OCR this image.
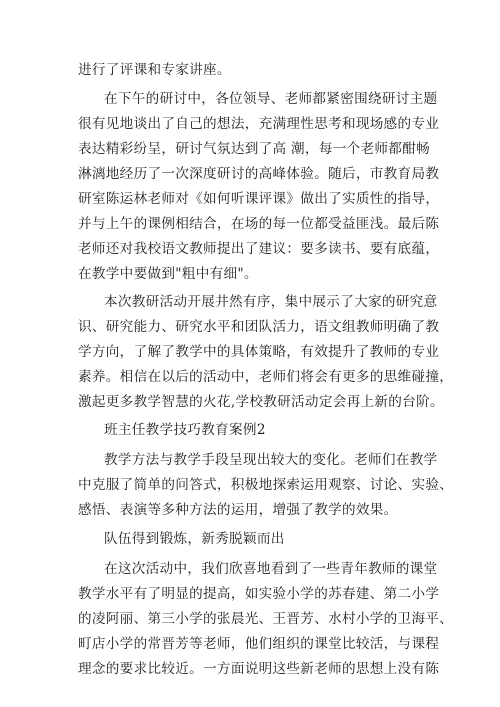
进行了评课和专家讲座。
在下午的研讨中，各位领导、老师都紧密围绕研讨主题
很有见地谈出了自己的想法，充满理性思考和现场感的专业
表达精彩纷呈，研讨气氛达到了高 潮，每一个老师都酣畅
淋漓地经历了一次深度研讨的高峰体验。随后，市教育局教
研室陈运林老师对《如何听课评课》做出了实质性的指导，
并与上午的课例相结合，在场的每一位都受益匪浅。最后陈
老师还对我校语文教师提出了建议：要多读书、要有底蕴，
在教学中要做到"粗中有细"。
本次教研活动开展井然有序，集中展示了大家的研究意
识、研究能力、研究水平和团队活力，语文组教师明确了教
学方向，了解了教学中的具体策略，有效提升了教师的专业
素养。相信在以后的活动中，老师们将会有更多的思维碰撞，
激起更多教学智慧的火花,学校教研活动定会再上新的台阶。
班主任教学技巧教育案例2
教学方法与教学手段呈现出较大的变化。老师们在教学
中克服了简单的问答式，积极地探索运用观察、讨论、实验、
感悟、表演等多种方法的运用，增强了教学的效果。
队伍得到锻炼，新秀脱颖而出
在这次活动中，我们欣喜地看到了一些青年教师的课堂
教学水平有了明显的提高，如实验小学的苏春建、第二小学
的凌阿丽、第三小学的张晨光、王晋芳、水村小学的卫海平、
町店小学的常晋芳等老师，他们组织的课堂比较活，与课程
理念的要求比较近。一方面说明这些新老师的思想上没有陈
